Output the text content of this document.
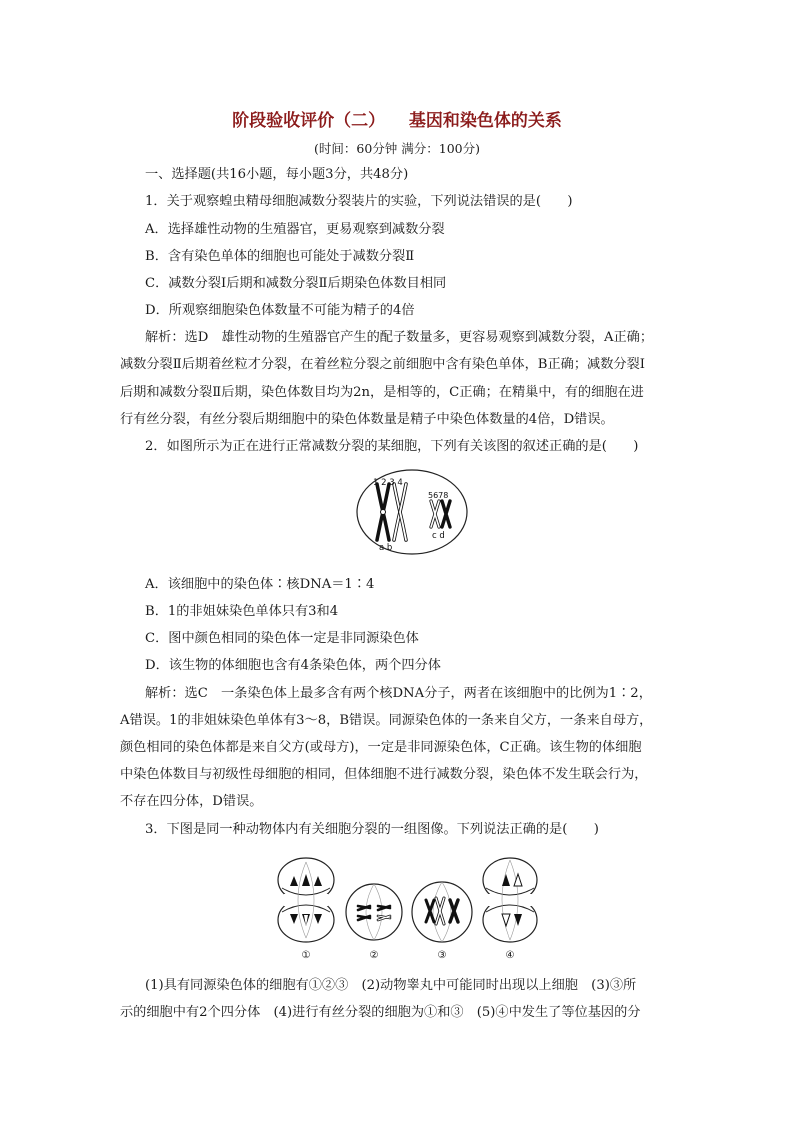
阶段验收评价（二）    基因和染色体的关系
(时间：60分钟 满分：100分)
一、选择题(共16小题，每小题3分，共48分)
1．关于观察蝗虫精母细胞减数分裂装片的实验，下列说法错误的是(　　)
A．选择雄性动物的生殖器官，更易观察到减数分裂
B．含有染色单体的细胞也可能处于减数分裂Ⅱ
C．减数分裂Ⅰ后期和减数分裂Ⅱ后期染色体数目相同
D．所观察细胞染色体数量不可能为精子的4倍
解析：选D　雄性动物的生殖器官产生的配子数量多，更容易观察到减数分裂，A正确；
减数分裂Ⅱ后期着丝粒才分裂，在着丝粒分裂之前细胞中含有染色单体，B正确；减数分裂Ⅰ
后期和减数分裂Ⅱ后期，染色体数目均为2n，是相等的，C正确；在精巢中，有的细胞在进
行有丝分裂，有丝分裂后期细胞中的染色体数量是精子中染色体数量的4倍，D错误。
2．如图所示为正在进行正常减数分裂的某细胞，下列有关该图的叙述正确的是(　　)
1 2 3 4
5678
a b
c d
A．该细胞中的染色体∶核DNA＝1∶4
B．1的非姐妹染色单体只有3和4
C．图中颜色相同的染色体一定是非同源染色体
D．该生物的体细胞也含有4条染色体，两个四分体
解析：选C　一条染色体上最多含有两个核DNA分子，两者在该细胞中的比例为1∶2，
A错误。1的非姐妹染色单体有3～8，B错误。同源染色体的一条来自父方，一条来自母方，
颜色相同的染色体都是来自父方(或母方)，一定是非同源染色体，C正确。该生物的体细胞
中染色体数目与初级性母细胞的相同，但体细胞不进行减数分裂，染色体不发生联会行为，
不存在四分体，D错误。
3．下图是同一种动物体内有关细胞分裂的一组图像。下列说法正确的是(　　)
①	②	③	④
(1)具有同源染色体的细胞有①②③　(2)动物睾丸中可能同时出现以上细胞　(3)③所
示的细胞中有2个四分体　(4)进行有丝分裂的细胞为①和③　(5)④中发生了等位基因的分
